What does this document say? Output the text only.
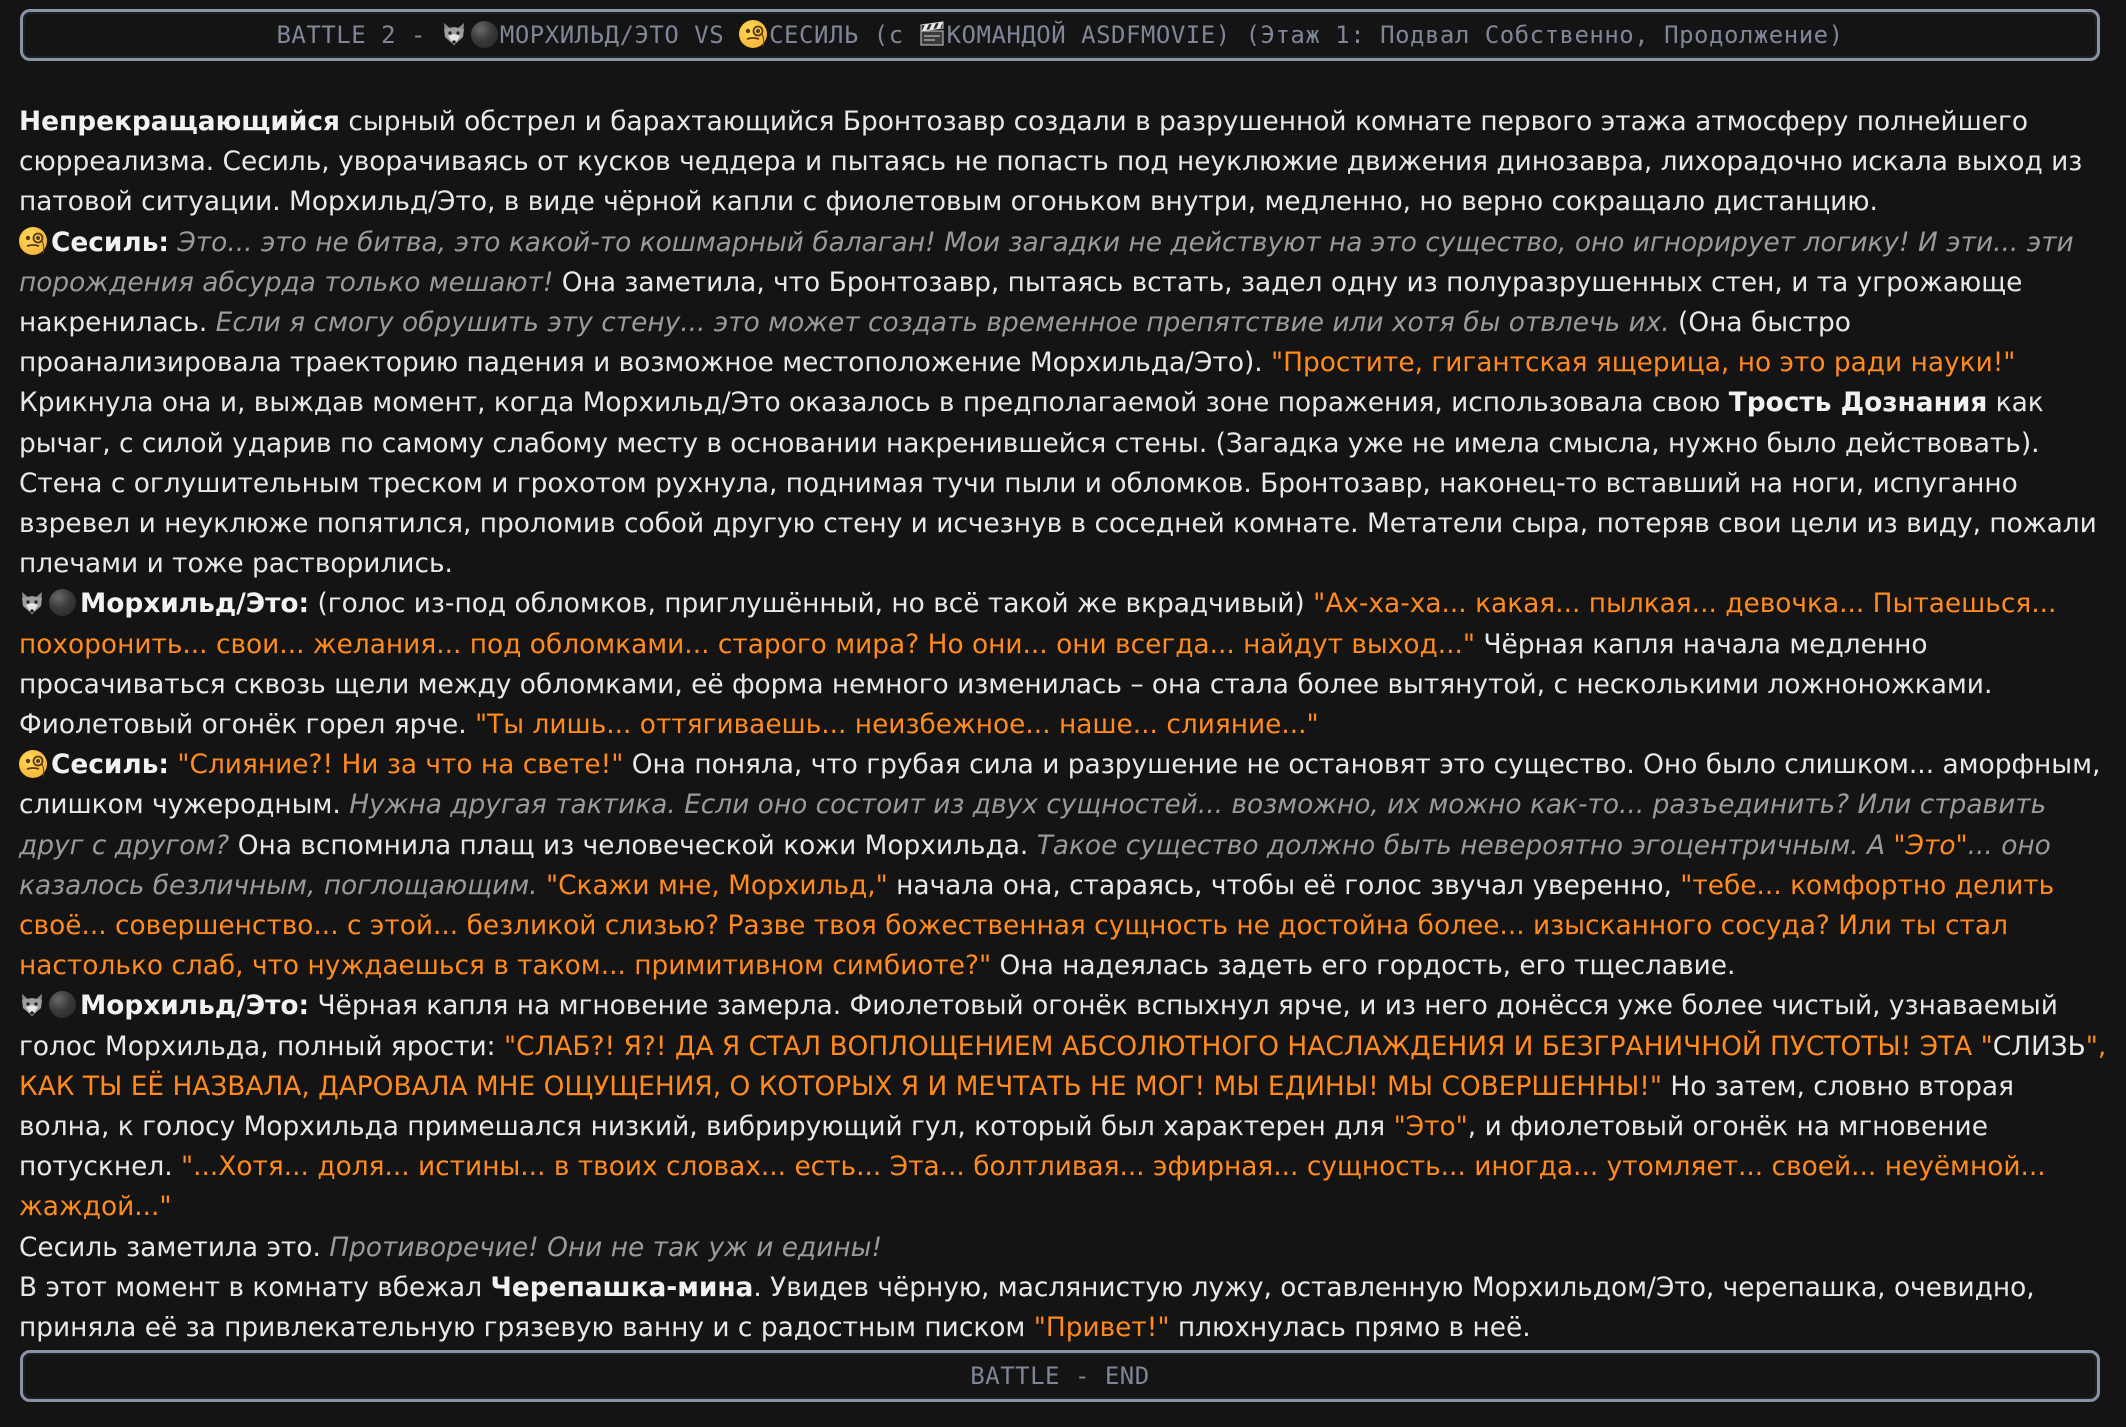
BATTLE 2 -
МОРХИЛЬД/ЭТО VS
СЕСИЛЬ (с
КОМАНДОЙ ASDFMOVIE) (Этаж 1: Подвал Собственно, Продолжение)

Непрекращающийся сырный обстрел и барахтающийся Бронтозавр создали в разрушенной комнате первого этажа атмосферу полнейшего сюрреализма. Сесиль, уворачиваясь от кусков чеддера и пытаясь не попасть под неуклюжие движения динозавра, лихорадочно искала выход из патовой ситуации. Морхильд/Это, в виде чёрной капли с фиолетовым огоньком внутри, медленно, но верно сокращало дистанцию.

Сесиль: Это... это не битва, это какой-то кошмарный балаган! Мои загадки не действуют на это существо, оно игнорирует логику! И эти... эти порождения абсурда только мешают! Она заметила, что Бронтозавр, пытаясь встать, задел одну из полуразрушенных стен, и та угрожающе накренилась. Если я смогу обрушить эту стену... это может создать временное препятствие или хотя бы отвлечь их. (Она быстро проанализировала траекторию падения и возможное местоположение Морхильда/Это). "Простите, гигантская ящерица, но это ради науки!" Крикнула она и, выждав момент, когда Морхильд/Это оказалось в предполагаемой зоне поражения, использовала свою Трость Дознания как рычаг, с силой ударив по самому слабому месту в основании накренившейся стены. (Загадка уже не имела смысла, нужно было действовать).

Стена с оглушительным треском и грохотом рухнула, поднимая тучи пыли и обломков. Бронтозавр, наконец-то вставший на ноги, испуганно взревел и неуклюже попятился, проломив собой другую стену и исчезнув в соседней комнате. Метатели сыра, потеряв свои цели из виду, пожали плечами и тоже растворились.

Морхильд/Это: (голос из-под обломков, приглушённый, но всё такой же вкрадчивый) "Ах-ха-ха... какая... пылкая... девочка... Пытаешься... похоронить... свои... желания... под обломками... старого мира? Но они... они всегда... найдут выход..." Чёрная капля начала медленно просачиваться сквозь щели между обломками, её форма немного изменилась – она стала более вытянутой, с несколькими ложноножками. Фиолетовый огонёк горел ярче. "Ты лишь... оттягиваешь... неизбежное... наше... слияние..."

Сесиль: "Слияние?! Ни за что на свете!" Она поняла, что грубая сила и разрушение не остановят это существо. Оно было слишком... аморфным, слишком чужеродным. Нужна другая тактика. Если оно состоит из двух сущностей... возможно, их можно как-то... разъединить? Или стравить друг с другом? Она вспомнила плащ из человеческой кожи Морхильда. Такое существо должно быть невероятно эгоцентричным. А "Это"... оно казалось безличным, поглощающим. "Скажи мне, Морхильд," начала она, стараясь, чтобы её голос звучал уверенно, "тебе... комфортно делить своё... совершенство... с этой... безликой слизью? Разве твоя божественная сущность не достойна более... изысканного сосуда? Или ты стал настолько слаб, что нуждаешься в таком... примитивном симбиоте?" Она надеялась задеть его гордость, его тщеславие.

Морхильд/Это: Чёрная капля на мгновение замерла. Фиолетовый огонёк вспыхнул ярче, и из него донёсся уже более чистый, узнаваемый голос Морхильда, полный ярости: "СЛАБ?! Я?! ДА Я СТАЛ ВОПЛОЩЕНИЕМ АБСОЛЮТНОГО НАСЛАЖДЕНИЯ И БЕЗГРАНИЧНОЙ ПУСТОТЫ! ЭТА "СЛИЗЬ", КАК ТЫ ЕЁ НАЗВАЛА, ДАРОВАЛА МНЕ ОЩУЩЕНИЯ, О КОТОРЫХ Я И МЕЧТАТЬ НЕ МОГ! МЫ ЕДИНЫ! МЫ СОВЕРШЕННЫ!" Но затем, словно вторая волна, к голосу Морхильда примешался низкий, вибрирующий гул, который был характерен для "Это", и фиолетовый огонёк на мгновение потускнел. "...Хотя... доля... истины... в твоих словах... есть... Эта... болтливая... эфирная... сущность... иногда... утомляет... своей... неуёмной... жаждой..."

Сесиль заметила это. Противоречие! Они не так уж и едины!

В этот момент в комнату вбежал Черепашка-мина. Увидев чёрную, маслянистую лужу, оставленную Морхильдом/Это, черепашка, очевидно, приняла её за привлекательную грязевую ванну и с радостным писком "Привет!" плюхнулась прямо в неё.

BATTLE - END
